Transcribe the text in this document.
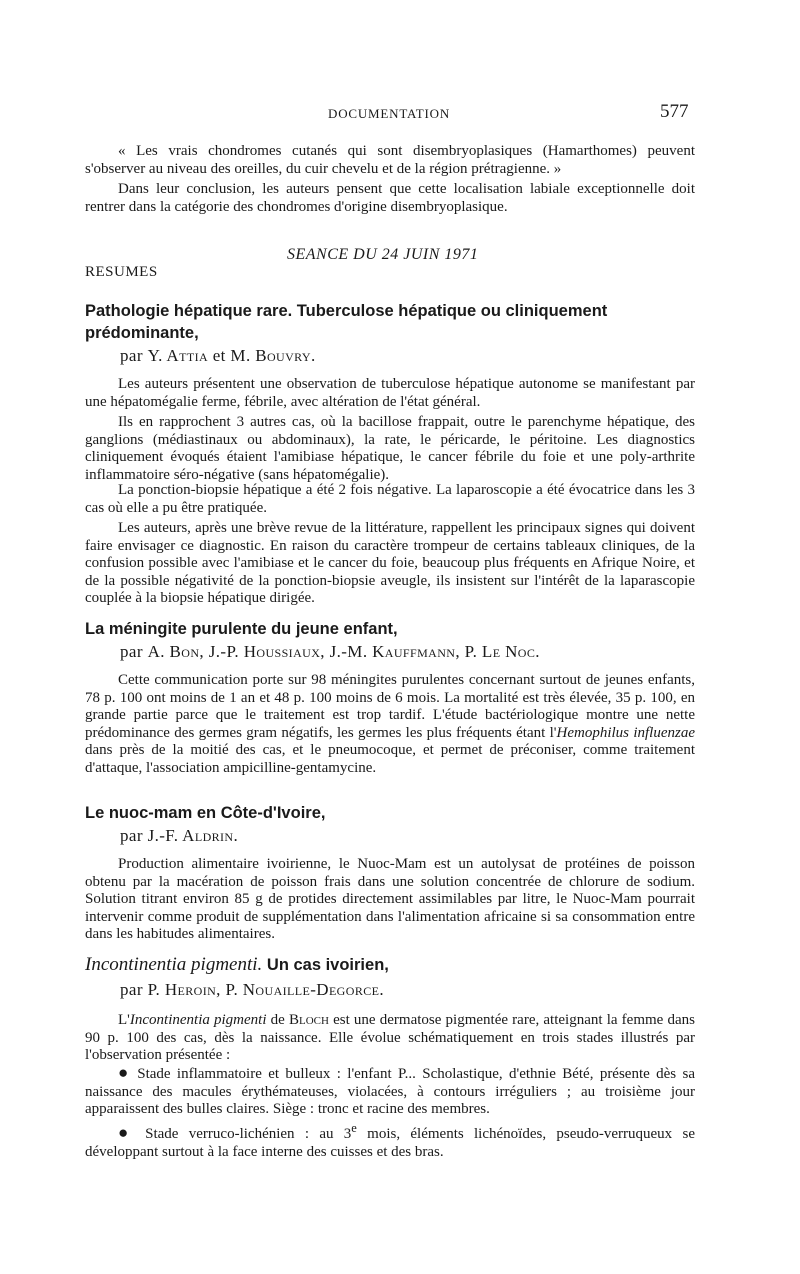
DOCUMENTATION	577

« Les vrais chondromes cutanés qui sont disembryoplasiques (Hamarthomes) peuvent s'observer au niveau des oreilles, du cuir chevelu et de la région prétragienne. »

Dans leur conclusion, les auteurs pensent que cette localisation labiale exceptionnelle doit rentrer dans la catégorie des chondromes d'origine disembryoplasique.

SEANCE DU 24 JUIN 1971
RESUMES

Pathologie hépatique rare. Tuberculose hépatique ou cliniquement prédominante,

par Y. Attia et M. Bouvry.

Les auteurs présentent une observation de tuberculose hépatique autonome se manifestant par une hépatomégalie ferme, fébrile, avec altération de l'état général.

Ils en rapprochent 3 autres cas, où la bacillose frappait, outre le parenchyme hépatique, des ganglions (médiastinaux ou abdominaux), la rate, le péricarde, le péritoine. Les diagnostics cliniquement évoqués étaient l'amibiase hépatique, le cancer fébrile du foie et une poly-arthrite inflammatoire séro-négative (sans hépatomégalie).

La ponction-biopsie hépatique a été 2 fois négative. La laparoscopie a été évocatrice dans les 3 cas où elle a pu être pratiquée.

Les auteurs, après une brève revue de la littérature, rappellent les principaux signes qui doivent faire envisager ce diagnostic. En raison du caractère trompeur de certains tableaux cliniques, de la confusion possible avec l'amibiase et le cancer du foie, beaucoup plus fréquents en Afrique Noire, et de la possible négativité de la ponction-biopsie aveugle, ils insistent sur l'intérêt de la laparascopie couplée à la biopsie hépatique dirigée.

La méningite purulente du jeune enfant,

par A. Bon, J.-P. Houssiaux, J.-M. Kauffmann, P. Le Noc.

Cette communication porte sur 98 méningites purulentes concernant surtout de jeunes enfants, 78 p. 100 ont moins de 1 an et 48 p. 100 moins de 6 mois. La mortalité est très élevée, 35 p. 100, en grande partie parce que le traitement est trop tardif. L'étude bactériologique montre une nette prédominance des germes gram négatifs, les germes les plus fréquents étant l'Hemophilus influenzae dans près de la moitié des cas, et le pneumocoque, et permet de préconiser, comme traitement d'attaque, l'association ampicilline-gentamycine.

Le nuoc-mam en Côte-d'Ivoire,

par J.-F. Aldrin.

Production alimentaire ivoirienne, le Nuoc-Mam est un autolysat de protéines de poisson obtenu par la macération de poisson frais dans une solution concentrée de chlorure de sodium. Solution titrant environ 85 g de protides directement assimilables par litre, le Nuoc-Mam pourrait intervenir comme produit de supplémentation dans l'alimentation africaine si sa consommation entre dans les habitudes alimentaires.

Incontinentia pigmenti. Un cas ivoirien,

par P. Heroin, P. Nouaille-Degorce.

L'Incontinentia pigmenti de Bloch est une dermatose pigmentée rare, atteignant la femme dans 90 p. 100 des cas, dès la naissance. Elle évolue schématiquement en trois stades illustrés par l'observation présentée :

● Stade inflammatoire et bulleux : l'enfant P... Scholastique, d'ethnie Bété, présente dès sa naissance des macules érythémateuses, violacées, à contours irréguliers ; au troisième jour apparaissent des bulles claires. Siège : tronc et racine des membres.

● Stade verruco-lichénien : au 3e mois, éléments lichénoïdes, pseudo-verruqueux se développant surtout à la face interne des cuisses et des bras.
